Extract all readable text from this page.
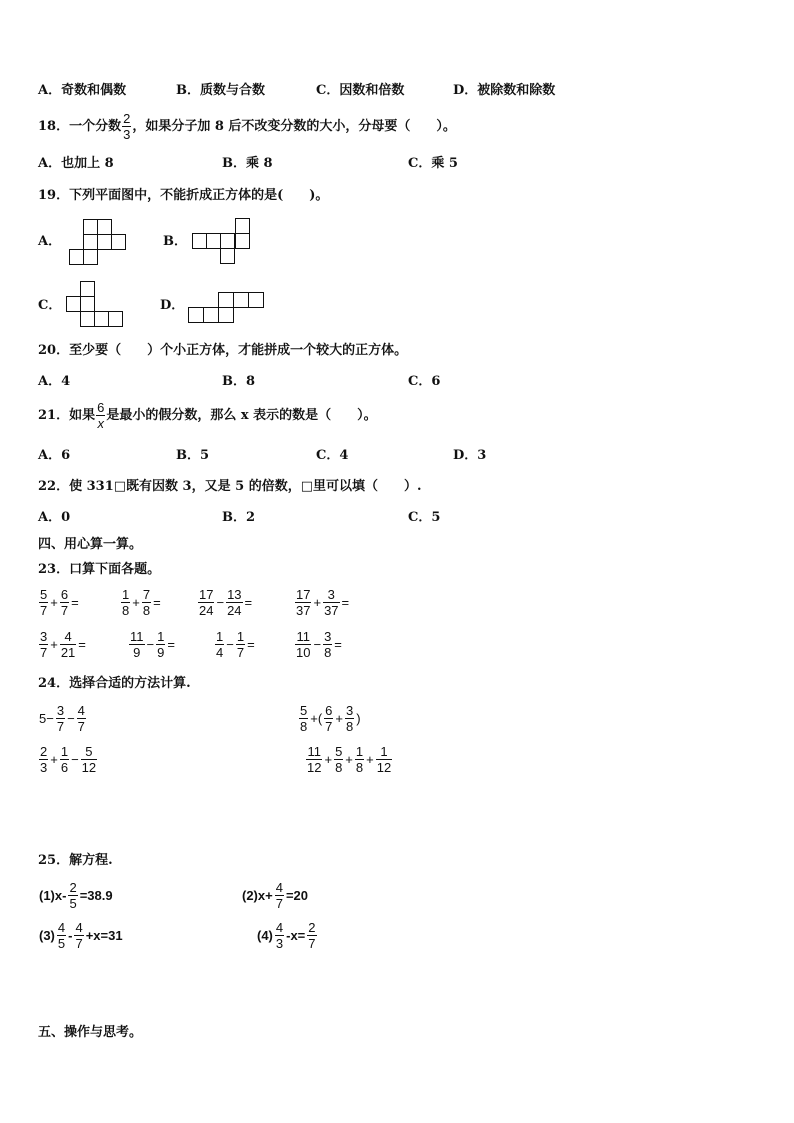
A．奇数和偶数	B．质数与合数	C．因数和倍数	D．被除数和除数
18．一个分数 $\frac{2}{3}$ ，如果分子加 8 后不改变分数的大小，分母要（　　）。
A．也加上 8	B．乘 8	C．乘 5
19．下列平面图中，不能折成正方体的是(　　)。
A．	B．
C．	D．
20．至少要（　　）个小正方体，才能拼成一个较大的正方体。
A．4	B．8	C．6
21．如果 $\frac{6}{x}$ 是最小的假分数，那么 x 表示的数是（　　）。
A．6	B．5	C．4	D．3
22．使 331□既有因数 3，又是 5 的倍数，□里可以填（　　）.
A．0	B．2	C．5
四、用心算一算。
23．口算下面各题。
$\frac{5}{7} + \frac{6}{7}$ =	$\frac{1}{8} + \frac{7}{8}$ =	$\frac{17}{24} - \frac{13}{24}$ =	$\frac{17}{37} + \frac{3}{37}$ =
$\frac{3}{7} + \frac{4}{21}$ =	$\frac{11}{9} - \frac{1}{9}$ =	$\frac{1}{4} - \frac{1}{7}$ =	$\frac{11}{10} - \frac{3}{8}$ =
24．选择合适的方法计算.
$5- \frac{3}{7} - \frac{4}{7}$	$\frac{5}{8}$ +( $\frac{6}{7} + \frac{3}{8}$ )
$\frac{2}{3} + \frac{1}{6} - \frac{5}{12}$	$\frac{11}{12} + \frac{5}{8} + \frac{1}{8} + \frac{1}{12}$
25．解方程.
$(1)x- \frac{2}{5} =38.9$	$(2)x+ \frac{4}{7} =20$
$(3) \frac{4}{5} - \frac{4}{7} +x=31$	$(4) \frac{4}{3} -x= \frac{2}{7}$
五、操作与思考。
